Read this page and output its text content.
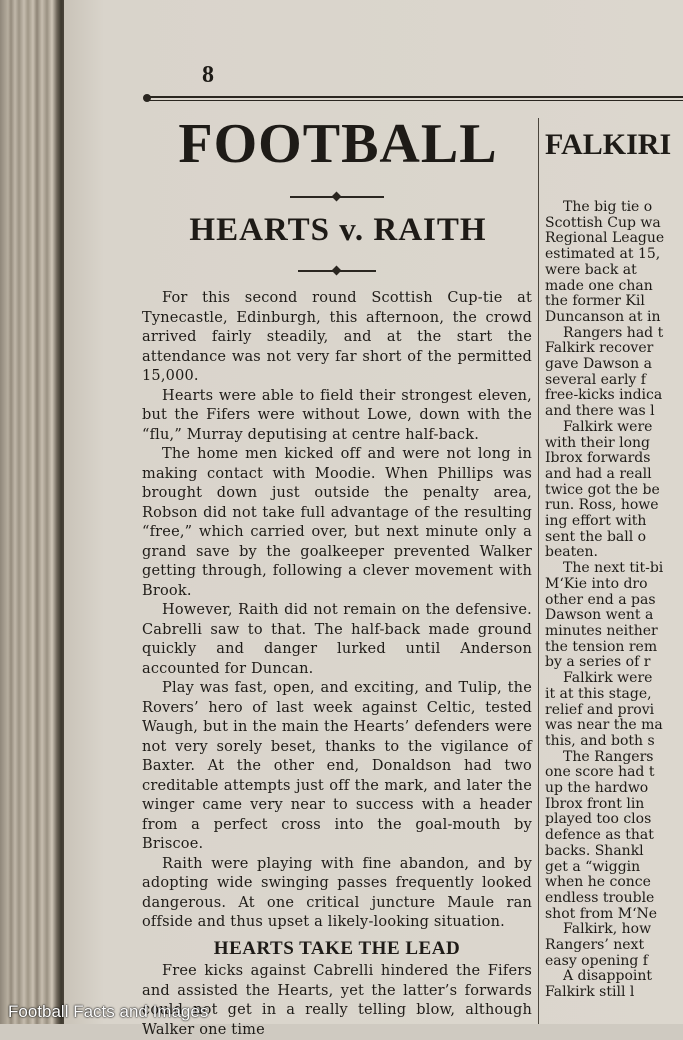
8
FOOTBALL
HEARTS v. RAITH

For this second round Scottish Cup-tie at Tynecastle, Edinburgh, this afternoon, the crowd arrived fairly steadily, and at the start the attendance was not very far short of the permitted 15,000.

Hearts were able to field their strongest eleven, but the Fifers were without Lowe, down with the “flu,” Murray deputising at centre half-back.

The home men kicked off and were not long in making contact with Moodie. When Phillips was brought down just outside the penalty area, Robson did not take full advantage of the resulting “free,” which carried over, but next minute only a grand save by the goalkeeper prevented Walker getting through, following a clever movement with Brook.

However, Raith did not remain on the defensive. Cabrelli saw to that. The half-back made ground quickly and danger lurked until Anderson accounted for Duncan.

Play was fast, open, and exciting, and Tulip, the Rovers’ hero of last week against Celtic, tested Waugh, but in the main the Hearts’ defenders were not very sorely beset, thanks to the vigilance of Baxter. At the other end, Donaldson had two creditable attempts just off the mark, and later the winger came very near to success with a header from a perfect cross into the goal-mouth by Briscoe.

Raith were playing with fine abandon, and by adopting wide swinging passes frequently looked dangerous. At one critical juncture Maule ran offside and thus upset a likely-looking situation.

HEARTS TAKE THE LEAD

Free kicks against Cabrelli hindered the Fifers and assisted the Hearts, yet the latter’s forwards could not get in a really telling blow, although Walker one time

FALKIRI
The big tie o
Scottish Cup wa
Regional League
estimated at 15,
were back at
made one chan
the former Kil
Duncanson at in
Rangers had t
Falkirk recover
gave Dawson a
several early f
free-kicks indica
and there was l
Falkirk were
with their long
Ibrox forwards
and had a reall
twice got the be
run. Ross, howe
ing effort with
sent the ball o
beaten.
The next tit-bi
M‘Kie into dro
other end a pas
Dawson went a
minutes neither
the tension rem
by a series of r
Falkirk were
it at this stage,
relief and provi
was near the ma
this, and both s
The Rangers
one score had t
up the hardwo
Ibrox front lin
played too clos
defence as that
backs. Shankl
get a “wiggin
when he conce
endless trouble
shot from M‘Ne
Falkirk, how
Rangers’ next
easy opening f
A disappoint
Falkirk still l
Football Facts and Images
